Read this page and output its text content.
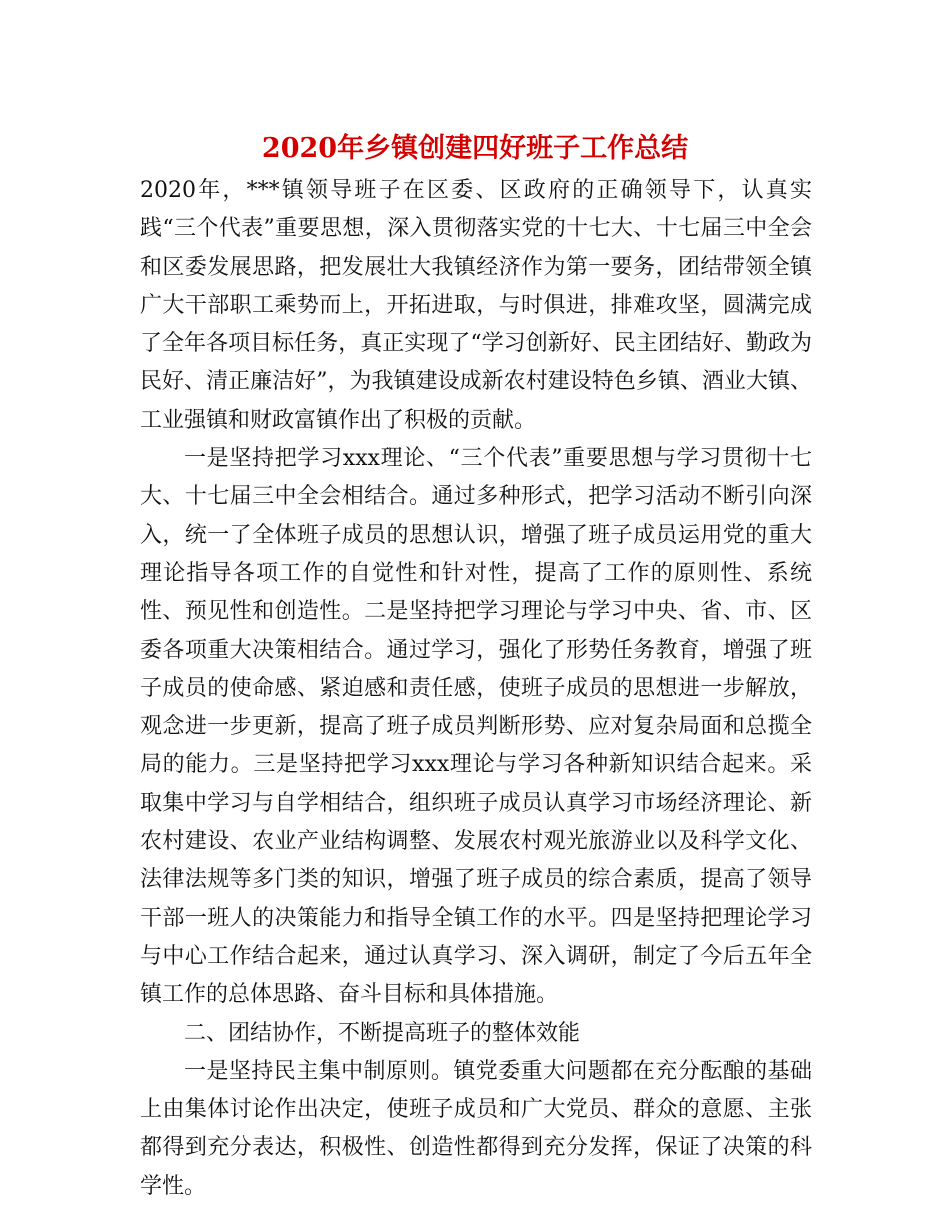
2020年乡镇创建四好班子工作总结

2020年，***镇领导班子在区委、区政府的正确领导下，认真实践“三个代表”重要思想，深入贯彻落实党的十七大、十七届三中全会和区委发展思路，把发展壮大我镇经济作为第一要务，团结带领全镇广大干部职工乘势而上，开拓进取，与时俱进，排难攻坚，圆满完成了全年各项目标任务，真正实现了“学习创新好、民主团结好、勤政为民好、清正廉洁好”，为我镇建设成新农村建设特色乡镇、酒业大镇、工业强镇和财政富镇作出了积极的贡献。

一是坚持把学习xxx理论、“三个代表”重要思想与学习贯彻十七大、十七届三中全会相结合。通过多种形式，把学习活动不断引向深入，统一了全体班子成员的思想认识，增强了班子成员运用党的重大理论指导各项工作的自觉性和针对性，提高了工作的原则性、系统性、预见性和创造性。二是坚持把学习理论与学习中央、省、市、区委各项重大决策相结合。通过学习，强化了形势任务教育，增强了班子成员的使命感、紧迫感和责任感，使班子成员的思想进一步解放，观念进一步更新，提高了班子成员判断形势、应对复杂局面和总揽全局的能力。三是坚持把学习xxx理论与学习各种新知识结合起来。采取集中学习与自学相结合，组织班子成员认真学习市场经济理论、新农村建设、农业产业结构调整、发展农村观光旅游业以及科学文化、法律法规等多门类的知识，增强了班子成员的综合素质，提高了领导干部一班人的决策能力和指导全镇工作的水平。四是坚持把理论学习与中心工作结合起来，通过认真学习、深入调研，制定了今后五年全镇工作的总体思路、奋斗目标和具体措施。

二、团结协作，不断提高班子的整体效能

一是坚持民主集中制原则。镇党委重大问题都在充分酝酿的基础上由集体讨论作出决定，使班子成员和广大党员、群众的意愿、主张都得到充分表达，积极性、创造性都得到充分发挥，保证了决策的科学性。
